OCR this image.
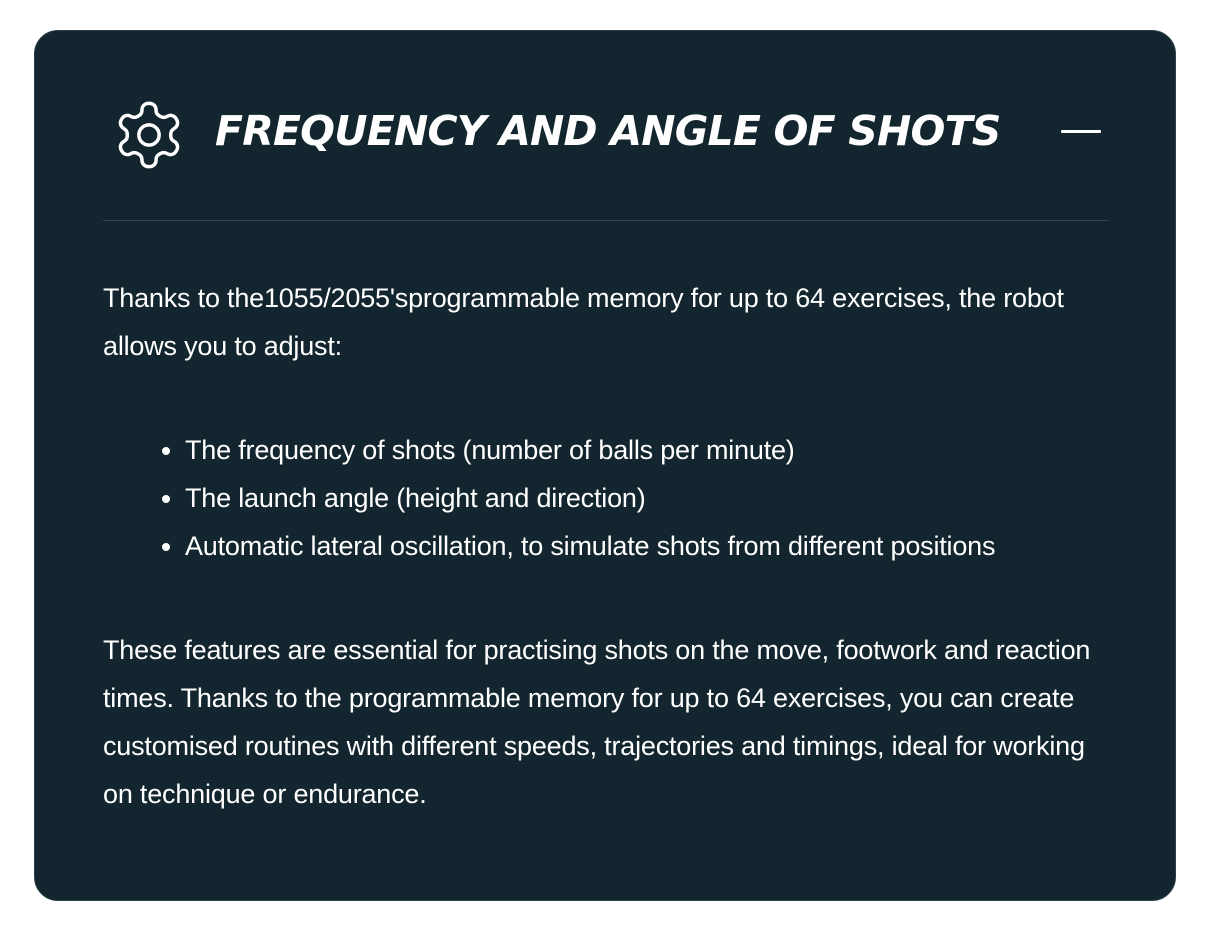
FREQUENCY AND ANGLE OF SHOTS

Thanks to the1055/2055'sprogrammable memory for up to 64 exercises, the robot allows you to adjust:

• The frequency of shots (number of balls per minute)
• The launch angle (height and direction)
• Automatic lateral oscillation, to simulate shots from different positions

These features are essential for practising shots on the move, footwork and reaction times. Thanks to the programmable memory for up to 64 exercises, you can create customised routines with different speeds, trajectories and timings, ideal for working on technique or endurance.
